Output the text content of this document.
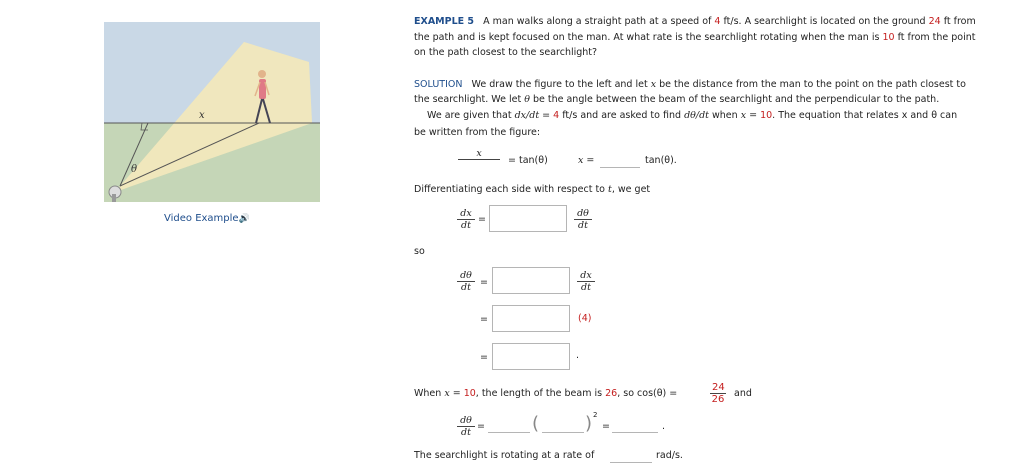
x
θ
Video Example🔊
EXAMPLE 5 A man walks along a straight path at a speed of 4 ft/s. A searchlight is located on the ground 24 ft from
the path and is kept focused on the man. At what rate is the searchlight rotating when the man is 10 ft from the point
on the path closest to the searchlight?
SOLUTION We draw the figure to the left and let x be the distance from the man to the point on the path closest to
the searchlight. We let θ be the angle between the beam of the searchlight and the perpendicular to the path.
We are given that dx/dt = 4 ft/s and are asked to find dθ/dt when x = 10. The equation that relates x and θ can
be written from the figure:
x
= tan(θ)	x =	tan(θ).
Differentiating each side with respect to t, we get
$\frac{dx}{dt}$ =	$\frac{d\theta}{dt}$
so
$\frac{d\theta}{dt}$ =	$\frac{dx}{dt}$
=	(4)
=	.
When x = 10, the length of the beam is 26, so cos(θ) =	$\frac{24}{26}$ and
$\frac{d\theta}{dt}$ =	(	) 2
=	.
The searchlight is rotating at a rate of	rad/s.
